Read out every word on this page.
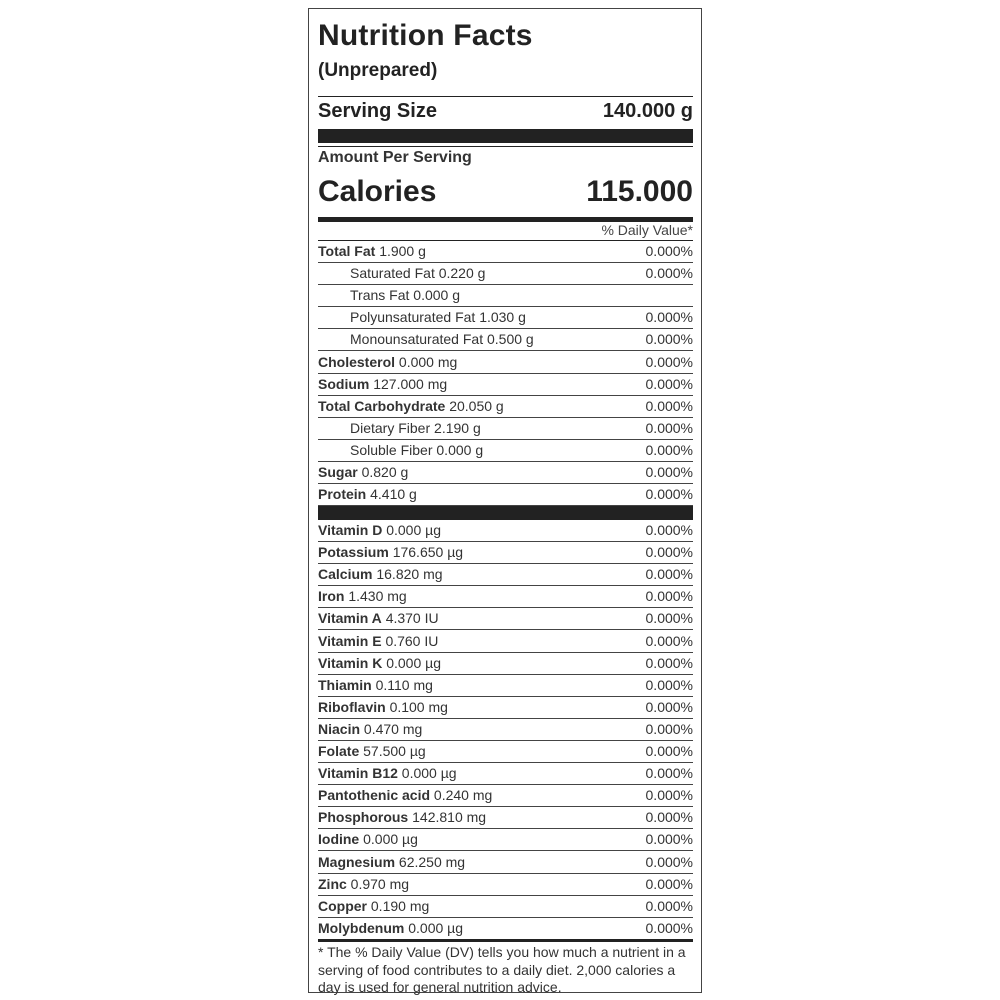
Nutrition Facts
(Unprepared)
Serving Size	140.000 g
Amount Per Serving
Calories	115.000
% Daily Value*
Total Fat 1.900 g	0.000%
Saturated Fat 0.220 g	0.000%
Trans Fat 0.000 g
Polyunsaturated Fat 1.030 g	0.000%
Monounsaturated Fat 0.500 g	0.000%
Cholesterol 0.000 mg	0.000%
Sodium 127.000 mg	0.000%
Total Carbohydrate 20.050 g	0.000%
Dietary Fiber 2.190 g	0.000%
Soluble Fiber 0.000 g	0.000%
Sugar 0.820 g	0.000%
Protein 4.410 g	0.000%
Vitamin D 0.000 µg	0.000%
Potassium 176.650 µg	0.000%
Calcium 16.820 mg	0.000%
Iron 1.430 mg	0.000%
Vitamin A 4.370 IU	0.000%
Vitamin E 0.760 IU	0.000%
Vitamin K 0.000 µg	0.000%
Thiamin 0.110 mg	0.000%
Riboflavin 0.100 mg	0.000%
Niacin 0.470 mg	0.000%
Folate 57.500 µg	0.000%
Vitamin B12 0.000 µg	0.000%
Pantothenic acid 0.240 mg	0.000%
Phosphorous 142.810 mg	0.000%
Iodine 0.000 µg	0.000%
Magnesium 62.250 mg	0.000%
Zinc 0.970 mg	0.000%
Copper 0.190 mg	0.000%
Molybdenum 0.000 µg	0.000%
* The % Daily Value (DV) tells you how much a nutrient in a serving of food contributes to a daily diet. 2,000 calories a day is used for general nutrition advice.
